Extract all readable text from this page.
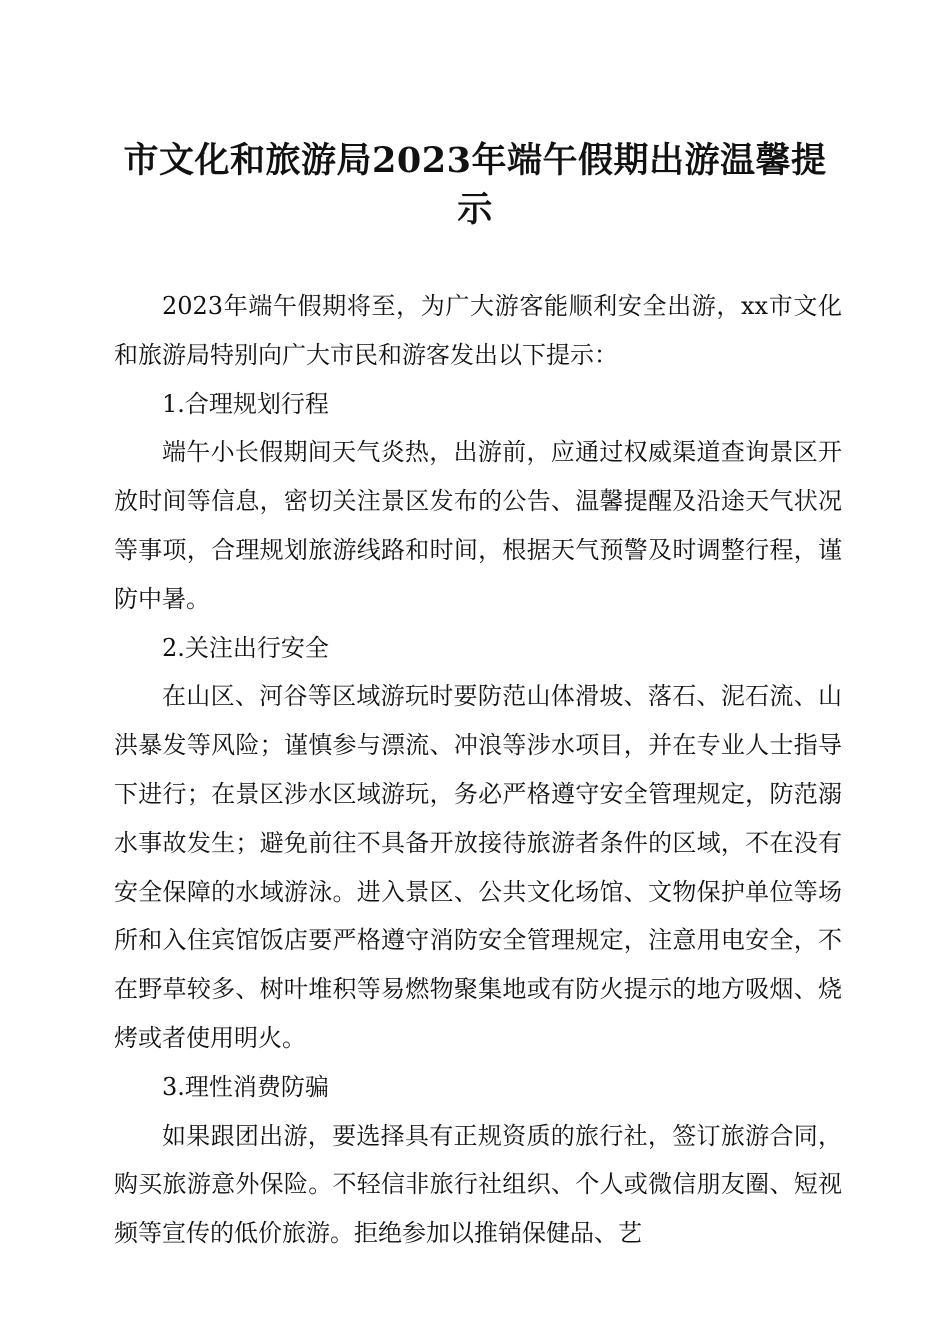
市文化和旅游局2023年端午假期出游温馨提
示

2023年端午假期将至，为广大游客能顺利安全出游，xx市文化和旅游局特别向广大市民和游客发出以下提示：

1.合理规划行程

端午小长假期间天气炎热，出游前，应通过权威渠道查询景区开放时间等信息，密切关注景区发布的公告、温馨提醒及沿途天气状况等事项，合理规划旅游线路和时间，根据天气预警及时调整行程，谨防中暑。

2.关注出行安全

在山区、河谷等区域游玩时要防范山体滑坡、落石、泥石流、山洪暴发等风险；谨慎参与漂流、冲浪等涉水项目，并在专业人士指导下进行；在景区涉水区域游玩，务必严格遵守安全管理规定，防范溺水事故发生；避免前往不具备开放接待旅游者条件的区域，不在没有安全保障的水域游泳。进入景区、公共文化场馆、文物保护单位等场所和入住宾馆饭店要严格遵守消防安全管理规定，注意用电安全，不在野草较多、树叶堆积等易燃物聚集地或有防火提示的地方吸烟、烧烤或者使用明火。

3.理性消费防骗

如果跟团出游，要选择具有正规资质的旅行社，签订旅游合同，购买旅游意外保险。不轻信非旅行社组织、个人或微信朋友圈、短视频等宣传的低价旅游。拒绝参加以推销保健品、艺
